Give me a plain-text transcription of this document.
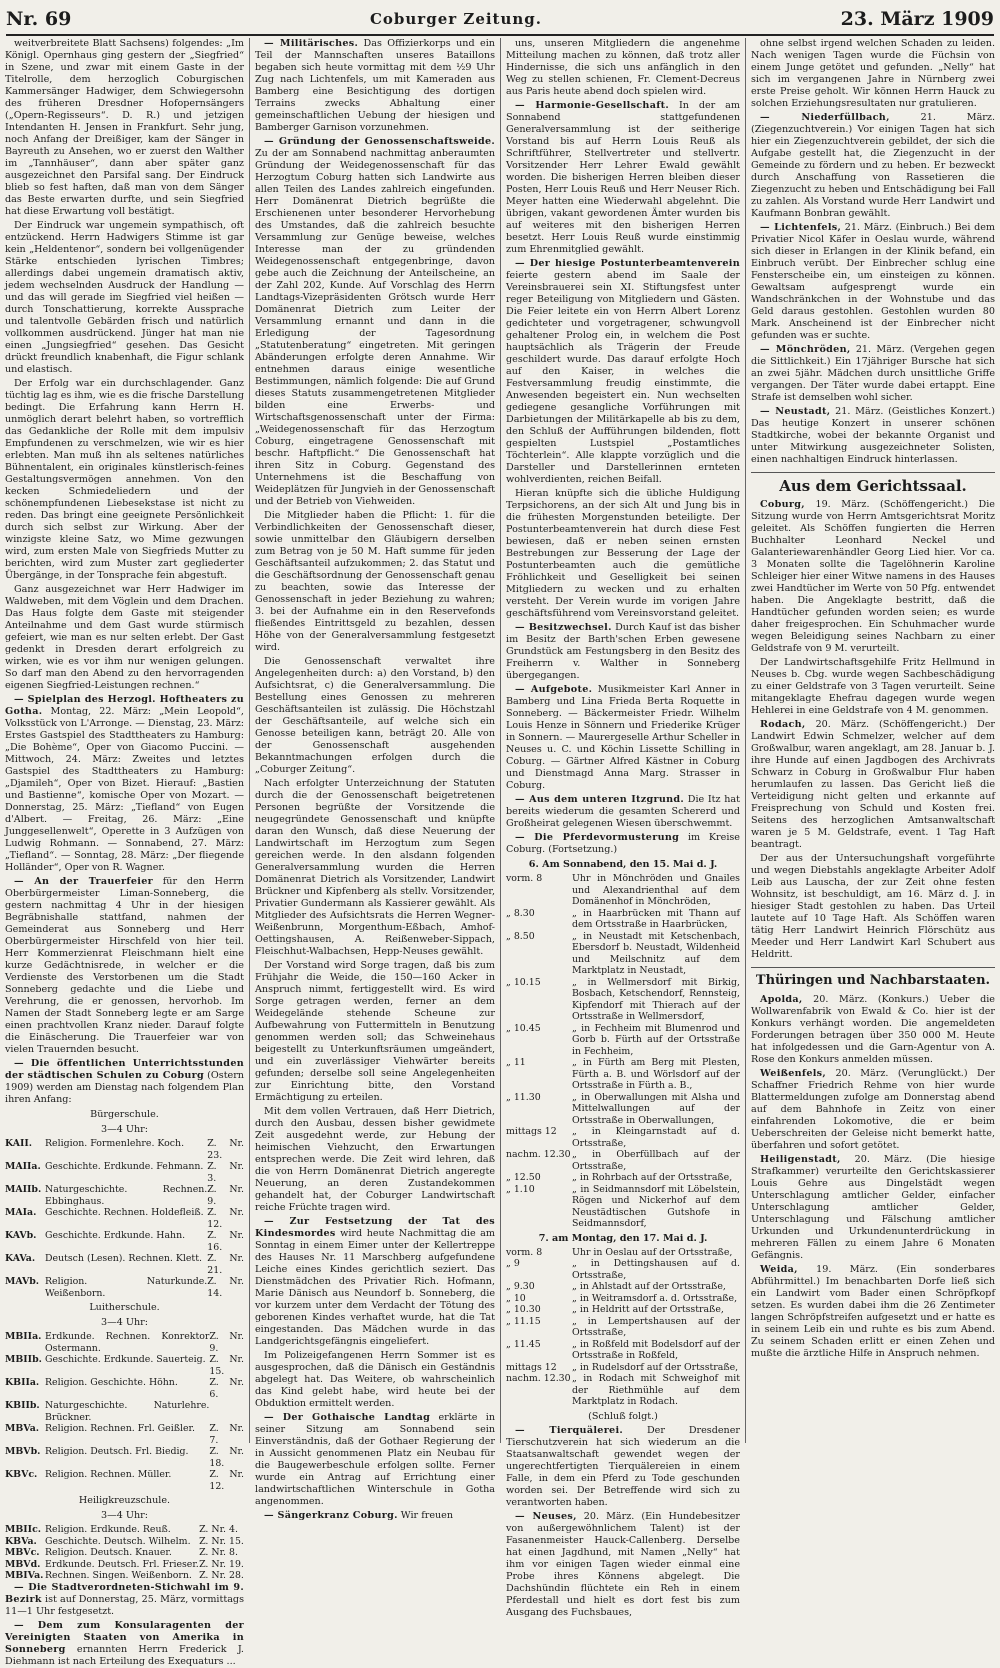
Nr. 69	Coburger Zeitung.	23. März 1909

weitverbreitete Blatt Sachsens) folgendes: „Im Königl. Opernhaus ging gestern der „Siegfried“ in Szene, und zwar mit einem Gaste in der Titelrolle, dem herzoglich Coburgischen Kammersänger Hadwiger, dem Schwiegersohn des früheren Dresdner Hofopernsängers („Opern-Regisseurs“. D. R.) und jetzigen Intendanten H. Jensen in Frankfurt. Sehr jung, noch Anfang der Dreißiger, kam der Sänger in Bayreuth zu Ansehen, wo er zuerst den Walther im „Tannhäuser“, dann aber später ganz ausgezeichnet den Parsifal sang. Der Eindruck blieb so fest haften, daß man von dem Sänger das Beste erwarten durfte, und sein Siegfried hat diese Erwartung voll bestätigt.

Der Eindruck war ungemein sympathisch, oft entzückend. Herrn Hadwigers Stimme ist gar kein „Heldentenor“, sondern bei vollgenügender Stärke entschieden lyrischen Timbres; allerdings dabei ungemein dramatisch aktiv, jedem wechselnden Ausdruck der Handlung — und das will gerade im Siegfried viel heißen — durch Tonschattierung, korrekte Aussprache und talentvolle Gebärden frisch und natürlich vollkommen ausdrückend. Jünger hat man nie einen „Jungsiegfried“ gesehen. Das Gesicht drückt freundlich knabenhaft, die Figur schlank und elastisch.

Der Erfolg war ein durchschlagender. Ganz tüchtig lag es ihm, wie es die frische Darstellung bedingt. Die Erfahrung kann Herrn H. unmöglich derart belehrt haben, so vortrefflich das Gedankliche der Rolle mit dem impulsiv Empfundenen zu verschmelzen, wie wir es hier erlebten. Man muß ihn als seltenes natürliches Bühnentalent, ein originales künstlerisch-feines Gestaltungsvermögen annehmen. Von den kecken Schmiedeliedern und der schönempfundenen Liebesekstase ist nicht zu reden. Das bringt eine geeignete Persönlichkeit durch sich selbst zur Wirkung. Aber der winzigste kleine Satz, wo Mime gezwungen wird, zum ersten Male von Siegfrieds Mutter zu berichten, wird zum Muster zart gegliederter Übergänge, in der Tonsprache fein abgestuft.

Ganz ausgezeichnet war Herr Hadwiger im Waldweben, mit dem Vöglein und dem Drachen. Das Haus folgte dem Gaste mit steigender Anteilnahme und dem Gast wurde stürmisch gefeiert, wie man es nur selten erlebt. Der Gast gedenkt in Dresden derart erfolgreich zu wirken, wie es vor ihm nur wenigen gelungen. So darf man den Abend zu den hervorragenden eigenen Siegfried-Leistungen rechnen.“

— Spielplan des Herzogl. Hoftheaters zu Gotha. Montag, 22. März: „Mein Leopold“, Volksstück von L'Arronge. — Dienstag, 23. März: Erstes Gastspiel des Stadttheaters zu Hamburg: „Die Bohème“, Oper von Giacomo Puccini. — Mittwoch, 24. März: Zweites und letztes Gastspiel des Stadttheaters zu Hamburg: „Djamileh“, Oper von Bizet. Hierauf: „Bastien und Bastienne“, komische Oper von Mozart. — Donnerstag, 25. März: „Tiefland“ von Eugen d'Albert. — Freitag, 26. März: „Eine Junggesellenwelt“, Operette in 3 Aufzügen von Ludwig Rohmann. — Sonnabend, 27. März: „Tiefland“. — Sonntag, 28. März: „Der fliegende Holländer“, Oper von R. Wagner.

— An der Trauerfeier für den Herrn Oberbürgermeister Liman-Sonneberg, die gestern nachmittag 4 Uhr in der hiesigen Begräbnishalle stattfand, nahmen der Gemeinderat aus Sonneberg und Herr Oberbürgermeister Hirschfeld von hier teil. Herr Kommerzienrat Fleischmann hielt eine kurze Gedächtnisrede, in welcher er die Verdienste des Verstorbenen um die Stadt Sonneberg gedachte und die Liebe und Verehrung, die er genossen, hervorhob. Im Namen der Stadt Sonneberg legte er am Sarge einen prachtvollen Kranz nieder. Darauf folgte die Einäscherung. Die Trauerfeier war von vielen Trauernden besucht.

— Die öffentlichen Unterrichtsstunden der städtischen Schulen zu Coburg (Ostern 1909) werden am Dienstag nach folgendem Plan ihren Anfang:

Bürgerschule.
3—4 Uhr:
KAII.	Religion. Formenlehre. Koch.	Z. Nr. 23.
MAIIa.	Geschichte. Erdkunde. Fehmann.	Z. Nr. 3.
MAIIb.	Naturgeschichte. Rechnen. Ebbinghaus.	Z. Nr. 9.
MAIa.	Geschichte. Rechnen. Holdefleiß.	Z. Nr. 12.
KAVb.	Geschichte. Erdkunde. Hahn.	Z. Nr. 16.
KAVa.	Deutsch (Lesen). Rechnen. Klett.	Z. Nr. 21.
MAVb.	Religion. Naturkunde. Weißenborn.	Z. Nr. 14.
Luitherschule.
3—4 Uhr:
MBIIa.	Erdkunde. Rechnen. Konrektor Ostermann.	Z. Nr. 9.
MBIIb.	Geschichte. Erdkunde. Sauerteig.	Z. Nr. 15.
KBIIa.	Religion. Geschichte. Höhn.	Z. Nr. 6.
KBIIb.	Naturgeschichte. Naturlehre. Brückner.	
MBVa.	Religion. Rechnen. Frl. Geißler.	Z. Nr. 7.
MBVb.	Religion. Deutsch. Frl. Biedig.	Z. Nr. 18.
KBVc.	Religion. Rechnen. Müller.	Z. Nr. 12.
Heiligkreuzschule.
3—4 Uhr:
MBIIc.	Religion. Erdkunde. Reuß.	Z. Nr. 4.
KBVa.	Geschichte. Deutsch. Wilhelm.	Z. Nr. 15.
MBVc.	Religion. Deutsch. Knauer.	Z. Nr. 8.
MBVd.	Erdkunde. Deutsch. Frl. Frieser.	Z. Nr. 19.
MBIVa.	Rechnen. Singen. Weißenborn.	Z. Nr. 28.

— Die Stadtverordneten-Stichwahl im 9. Bezirk ist auf Donnerstag, 25. März, vormittags 11—1 Uhr festgesetzt.

— Dem zum Konsularagenten der Vereinigten Staaten von Amerika in Sonneberg ernannten Herrn Frederick J. Diehmann ist nach Erteilung des Exequaturs ...

— Militärisches. Das Offizierkorps und ein Teil der Mannschaften unseres Bataillons begaben sich heute vormittag mit dem ½9 Uhr Zug nach Lichtenfels, um mit Kameraden aus Bamberg eine Besichtigung des dortigen Terrains zwecks Abhaltung einer gemeinschaftlichen Uebung der hiesigen und Bamberger Garnison vorzunehmen.

— Gründung der Genossenschaftsweide. Zu der am Sonnabend nachmittag anberaumten Gründung der Weidegenossenschaft für das Herzogtum Coburg hatten sich Landwirte aus allen Teilen des Landes zahlreich eingefunden. Herr Domänenrat Dietrich begrüßte die Erschienenen unter besonderer Hervorhebung des Umstandes, daß die zahlreich besuchte Versammlung zur Genüge beweise, welches Interesse man der zu gründenden Weidegenossenschaft entgegenbringe, davon gebe auch die Zeichnung der Anteilscheine, an der Zahl 202, Kunde. Auf Vorschlag des Herrn Landtags-Vizepräsidenten Grötsch wurde Herr Domänenrat Dietrich zum Leiter der Versammlung ernannt und dann in die Erledigung der Tagesordnung „Statutenberatung“ eingetreten. Mit geringen Abänderungen erfolgte deren Annahme. Wir entnehmen daraus einige wesentliche Bestimmungen, nämlich folgende: Die auf Grund dieses Statuts zusammengetretenen Mitglieder bilden eine Erwerbs- und Wirtschaftsgenossenschaft unter der Firma: „Weidegenossenschaft für das Herzogtum Coburg, eingetragene Genossenschaft mit beschr. Haftpflicht.“ Die Genossenschaft hat ihren Sitz in Coburg. Gegenstand des Unternehmens ist die Beschaffung von Weideplätzen für Jungvieh in der Genossenschaft und der Betrieb von Viehweiden.

Die Mitglieder haben die Pflicht: 1. für die Verbindlichkeiten der Genossenschaft dieser, sowie unmittelbar den Gläubigern derselben zum Betrag von je 50 M. Haft summe für jeden Geschäftsanteil aufzukommen; 2. das Statut und die Geschäftsordnung der Genossenschaft genau zu beachten, sowie das Interesse der Genossenschaft in jeder Beziehung zu wahren; 3. bei der Aufnahme ein in den Reservefonds fließendes Eintrittsgeld zu bezahlen, dessen Höhe von der Generalversammlung festgesetzt wird.

Die Genossenschaft verwaltet ihre Angelegenheiten durch: a) den Vorstand, b) den Aufsichtsrat, c) die Generalversammlung. Die Bestellung eines Genossen zu mehreren Geschäftsanteilen ist zulässig. Die Höchstzahl der Geschäftsanteile, auf welche sich ein Genosse beteiligen kann, beträgt 20. Alle von der Genossenschaft ausgehenden Bekanntmachungen erfolgen durch die „Coburger Zeitung“.

Nach erfolgter Unterzeichnung der Statuten durch die der Genossenschaft beigetretenen Personen begrüßte der Vorsitzende die neugegründete Genossenschaft und knüpfte daran den Wunsch, daß diese Neuerung der Landwirtschaft im Herzogtum zum Segen gereichen werde. In den alsdann folgenden Generalversammlung wurden die Herren Domänenrat Dietrich als Vorsitzender, Landwirt Brückner und Kipfenberg als stellv. Vorsitzender, Privatier Gundermann als Kassierer gewählt. Als Mitglieder des Aufsichtsrats die Herren Wegner-Weißenbrunn, Morgenthum-Eßbach, Amhof-Oettingshausen, A. Reißenweber-Sippach, Fleischhut-Walbachsen, Hepp-Neuses gewählt.

Der Vorstand wird Sorge tragen, daß bis zum Frühjahr die Weide, die 150—160 Acker in Anspruch nimmt, fertiggestellt wird. Es wird Sorge getragen werden, ferner an dem Weidegelände stehende Scheune zur Aufbewahrung von Futtermitteln in Benutzung genommen werden soll; das Schweinehaus beigestellt zu Unterkunftsräumen umgeändert, und ein zuverlässiger Viehwärter bereits gefunden; derselbe soll seine Angelegenheiten zur Einrichtung bitte, den Vorstand Ermächtigung zu erteilen.

Mit dem vollen Vertrauen, daß Herr Dietrich, durch den Ausbau, dessen bisher gewidmete Zeit ausgedehnt werde, zur Hebung der heimischen Viehzucht, den Erwartungen entsprechen werde. Die Zeit wird lehren, daß die von Herrn Domänenrat Dietrich angeregte Neuerung, an deren Zustandekommen gehandelt hat, der Coburger Landwirtschaft reiche Früchte tragen wird.

— Zur Festsetzung der Tat des Kindesmordes wird heute Nachmittag die am Sonntag in einem Eimer unter der Kellertreppe des Hauses Nr. 11 Marschberg aufgefundene Leiche eines Kindes gerichtlich seziert. Das Dienstmädchen des Privatier Rich. Hofmann, Marie Dänisch aus Neundorf b. Sonneberg, die vor kurzem unter dem Verdacht der Tötung des geborenen Kindes verhaftet wurde, hat die Tat eingestanden. Das Mädchen wurde in das Landgerichtsgefängnis eingeliefert.

Im Polizeigefangenen Herrn Sommer ist es ausgesprochen, daß die Dänisch ein Geständnis abgelegt hat. Das Weitere, ob wahrscheinlich das Kind gelebt habe, wird heute bei der Obduktion ermittelt werden.

— Der Gothaische Landtag erklärte in seiner Sitzung am Sonnabend sein Einverständnis, daß der Gothaer Regierung der in Aussicht genommenen Platz ein Neubau für die Baugewerbeschule erfolgen sollte. Ferner wurde ein Antrag auf Errichtung einer landwirtschaftlichen Winterschule in Gotha angenommen.

— Sängerkranz Coburg. Wir freuen

uns, unseren Mitgliedern die angenehme Mitteilung machen zu können, daß trotz aller Hindernisse, die sich uns anfänglich in den Weg zu stellen schienen, Fr. Clement-Decreus aus Paris heute abend doch spielen wird.

— Harmonie-Gesellschaft. In der am Sonnabend stattgefundenen Generalversammlung ist der seitherige Vorstand bis auf Herrn Louis Reuß als Schriftführer, Stellvertreter und stellvertr. Vorsitzender Herr Lehrer Ewald gewählt worden. Die bisherigen Herren bleiben dieser Posten, Herr Louis Reuß und Herr Neuser Rich. Meyer hatten eine Wiederwahl abgelehnt. Die übrigen, vakant gewordenen Ämter wurden bis auf weiteres mit den bisherigen Herren besetzt. Herr Louis Reuß wurde einstimmig zum Ehrenmitglied gewählt.

— Der hiesige Postunterbeamtenverein feierte gestern abend im Saale der Vereinsbrauerei sein XI. Stiftungsfest unter reger Beteiligung von Mitgliedern und Gästen. Die Feier leitete ein von Herrn Albert Lorenz gedichteter und vorgetragener, schwungvoll gehaltener Prolog ein, in welchem die Post hauptsächlich als Trägerin der Freude geschildert wurde. Das darauf erfolgte Hoch auf den Kaiser, in welches die Festversammlung freudig einstimmte, die Anwesenden begeistert ein. Nun wechselten gediegene gesangliche Vorführungen mit Darbietungen der Militärkapelle ab bis zu dem, den Schluß der Aufführungen bildenden, flott gespielten Lustspiel „Postamtliches Töchterlein“. Alle klappte vorzüglich und die Darsteller und Darstellerinnen ernteten wohlverdienten, reichen Beifall.

Hieran knüpfte sich die übliche Huldigung Terpsichorens, an der sich Alt und Jung bis in die frühesten Morgenstunden beteiligte. Der Postunterbeamtenverein hat durch diese Fest bewiesen, daß er neben seinen ernsten Bestrebungen zur Besserung der Lage der Postunterbeamten auch die gemütliche Fröhlichkeit und Geselligkeit bei seinen Mitgliedern zu wecken und zu erhalten versteht. Der Verein wurde im vorigen Jahre geschäftsführend vom Vereinsvorstand geleitet.

— Besitzwechsel. Durch Kauf ist das bisher im Besitz der Barth'schen Erben gewesene Grundstück am Festungsberg in den Besitz des Freiherrn v. Walther in Sonneberg übergegangen.

— Aufgebote. Musikmeister Karl Anner in Bamberg und Lina Frieda Berta Roquette in Sonneberg. — Bäckermeister Friedr. Wilhelm Louis Henze in Sönnern und Friederike Krüger in Sonnern. — Maurergeselle Arthur Scheller in Neuses u. C. und Köchin Lissette Schilling in Coburg. — Gärtner Alfred Kästner in Coburg und Dienstmagd Anna Marg. Strasser in Coburg.

— Aus dem unteren Itzgrund. Die Itz hat bereits wiederum die gesamten Schererd und Großheirat gelegenen Wiesen überschwemmt.

— Die Pferdevormusterung im Kreise Coburg. (Fortsetzung.)

6. Am Sonnabend, den 15. Mai d. J.
vorm. 8	Uhr in Mönchröden und Gnailes und Alexandrienthal auf dem Domänenhof in Mönchröden,
„ 8.30	„ in Haarbrücken mit Thann auf dem Ortsstraße in Haarbrücken,
„ 8.50	„ in Neustadt mit Ketschenbach, Ebersdorf b. Neustadt, Wildenheid und Meilschnitz auf dem Marktplatz in Neustadt,
„ 10.15	„ in Wellmersdorf mit Birkig, Bosbach, Ketschendorf, Rennsteig, Kipfendorf mit Thierach auf der Ortsstraße in Wellmersdorf,
„ 10.45	„ in Fechheim mit Blumenrod und Gorb b. Fürth auf der Ortsstraße in Fechheim,
„ 11	„ in Fürth am Berg mit Plesten, Fürth a. B. und Wörlsdorf auf der Ortsstraße in Fürth a. B.,
„ 11.30	„ in Oberwallungen mit Alsha und Mittelwallungen auf der Ortsstraße in Oberwallungen,
mittags 12	„ in Kleingarnstadt auf d. Ortsstraße,
nachm. 12.30	„ in Oberfüllbach auf der Ortsstraße,
„ 12.50	„ in Rohrbach auf der Ortsstraße,
„ 1.10	„ in Seidmannsdorf mit Löbelstein, Rögen und Nickerhof auf dem Neustädtischen Gutshofe in Seidmannsdorf,
7. am Montag, den 17. Mai d. J.
vorm. 8	Uhr in Oeslau auf der Ortsstraße,
„ 9	„ in Dettingshausen auf d. Ortsstraße,
„ 9.30	„ in Ahlstadt auf der Ortsstraße,
„ 10	„ in Weitramsdorf a. d. Ortsstraße,
„ 10.30	„ in Heldritt auf der Ortsstraße,
„ 11.15	„ in Lempertshausen auf der Ortsstraße,
„ 11.45	„ in Roßfeld mit Bodelsdorf auf der Ortsstraße in Roßfeld,
mittags 12	„ in Rudelsdorf auf der Ortsstraße,
nachm. 12.30	„ in Rodach mit Schweighof mit der Riethmühle auf dem Marktplatz in Rodach.
(Schluß folgt.)

— Tierquälerei. Der Dresdener Tierschutzverein hat sich wiederum an die Staatsanwaltschaft gewendet wegen der ungerechtfertigten Tierquälereien in einem Falle, in dem ein Pferd zu Tode geschunden worden sei. Der Betreffende wird sich zu verantworten haben.

— Neuses, 20. März. (Ein Hundebesitzer von außergewöhnlichem Talent) ist der Fasanenmeister Hauck-Callenberg. Derselbe hat einen Jagdhund, mit Namen „Nelly“ hat ihm vor einigen Tagen wieder einmal eine Probe ihres Könnens abgelegt. Die Dachshündin flüchtete ein Reh in einem Pferdestall und hielt es dort fest bis zum Ausgang des Fuchsbaues,

ohne selbst irgend welchen Schaden zu leiden. Nach wenigen Tagen wurde die Füchsin von einem Junge getötet und gefunden. „Nelly“ hat sich im vergangenen Jahre in Nürnberg zwei erste Preise geholt. Wir können Herrn Hauck zu solchen Erziehungsresultaten nur gratulieren.

— Niederfüllbach,	21. März. (Ziegenzuchtverein.) Vor einigen Tagen hat sich hier ein Ziegenzuchtverein gebildet, der sich die Aufgabe gestellt hat, die Ziegenzucht in der Gemeinde zu fördern und zu heben. Er bezweckt durch Anschaffung von Rassetieren die Ziegenzucht zu heben und Entschädigung bei Fall zu zahlen. Als Vorstand wurde Herr Landwirt und Kaufmann Bonbran gewählt.

— Lichtenfels, 21. März. (Einbruch.) Bei dem Privatier Nicol Käfer in Oeslau wurde, während sich dieser in Erlangen in der Klinik befand, ein Einbruch verübt. Der Einbrecher schlug eine Fensterscheibe ein, um einsteigen zu können. Gewaltsam aufgesprengt wurde ein Wandschränkchen in der Wohnstube und das Geld daraus gestohlen. Gestohlen wurden 80 Mark. Anscheinend ist der Einbrecher nicht gefunden was er suchte.

— Mönchröden, 21. März. (Vergehen gegen die Sittlichkeit.) Ein 17jähriger Bursche hat sich an zwei 5jähr. Mädchen durch unsittliche Griffe vergangen. Der Täter wurde dabei ertappt. Eine Strafe ist demselben wohl sicher.

— Neustadt, 21. März. (Geistliches Konzert.) Das heutige Konzert in unserer schönen Stadtkirche, wobei der bekannte Organist und unter Mitwirkung ausgezeichneter Solisten, einen nachhaltigen Eindruck hinterlassen.

Aus dem Gerichtssaal.

Coburg, 19. März. (Schöffengericht.) Die Sitzung wurde von Herrn Amtsgerichtsrat Moritz geleitet. Als Schöffen fungierten die Herren Buchhalter Leonhard Neckel und Galanteriewarenhändler Georg Lied hier. Vor ca. 3 Monaten sollte die Tagelöhnerin Karoline Schleiger hier einer Witwe namens in des Hauses zwei Handtücher im Werte von 50 Pfg. entwendet haben. Die Angeklagte bestritt, daß die Handtücher gefunden worden seien; es wurde daher freigesprochen. Ein Schuhmacher wurde wegen Beleidigung seines Nachbarn zu einer Geldstrafe von 9 M. verurteilt.

Der Landwirtschaftsgehilfe Fritz Hellmund in Neuses b. Cbg. wurde wegen Sachbeschädigung zu einer Geldstrafe von 3 Tagen verurteilt. Seine mitangeklagte Ehefrau dagegen wurde wegen Hehlerei in eine Geldstrafe von 4 M. genommen.

Rodach, 20. März. (Schöffengericht.) Der Landwirt Edwin Schmelzer, welcher auf dem Großwalbur, waren angeklagt, am 28. Januar b. J. ihre Hunde auf einen Jagdbogen des Archivrats Schwarz in Coburg in Großwalbur Flur haben herumlaufen zu lassen. Das Gericht ließ die Verteidigung nicht gelten und erkannte auf Freisprechung von Schuld und Kosten frei. Seitens des herzoglichen Amtsanwaltschaft waren je 5 M. Geldstrafe, event. 1 Tag Haft beantragt.

Der aus der Untersuchungshaft vorgeführte und wegen Diebstahls angeklagte Arbeiter Adolf Leib aus Lauscha, der zur Zeit ohne festen Wohnsitz, ist beschuldigt, am 16. März d. J. in hiesiger Stadt gestohlen zu haben. Das Urteil lautete auf 10 Tage Haft. Als Schöffen waren tätig Herr Landwirt Heinrich Flörschütz aus Meeder und Herr Landwirt Karl Schubert aus Heldritt.

Thüringen und Nachbarstaaten.

Apolda, 20. März. (Konkurs.) Ueber die Wollwarenfabrik von Ewald & Co. hier ist der Konkurs verhängt worden. Die angemeldeten Forderungen betragen über 350 000 M. Heute hat infolgedessen und die Garn-Agentur von A. Rose den Konkurs anmelden müssen.

Weißenfels, 20. März. (Verunglückt.) Der Schaffner Friedrich Rehme von hier wurde Blattermeldungen zufolge am Donnerstag abend auf dem Bahnhofe in Zeitz von einer einfahrenden Lokomotive, die er beim Ueberschreiten der Geleise nicht bemerkt hatte, überfahren und sofort getötet.

Heiligenstadt, 20. März. (Die hiesige Strafkammer) verurteilte den Gerichtskassierer Louis Gehre aus Dingelstädt wegen Unterschlagung amtlicher Gelder, einfacher Unterschlagung amtlicher Gelder, Unterschlagung und Fälschung amtlicher Urkunden und Urkundenunterdrückung in mehreren Fällen zu einem Jahre 6 Monaten Gefängnis.

Weida, 19. März. (Ein sonderbares Abführmittel.) Im benachbarten Dorfe ließ sich ein Landwirt vom Bader einen Schröpfkopf setzen. Es wurden dabei ihm die 26 Zentimeter langen Schröpfstreifen aufgesetzt und er hatte es in seinem Leib ein und ruhte es bis zum Abend. Zu seinem Schaden erlitt er einen Zehen und mußte die ärztliche Hilfe in Anspruch nehmen.
